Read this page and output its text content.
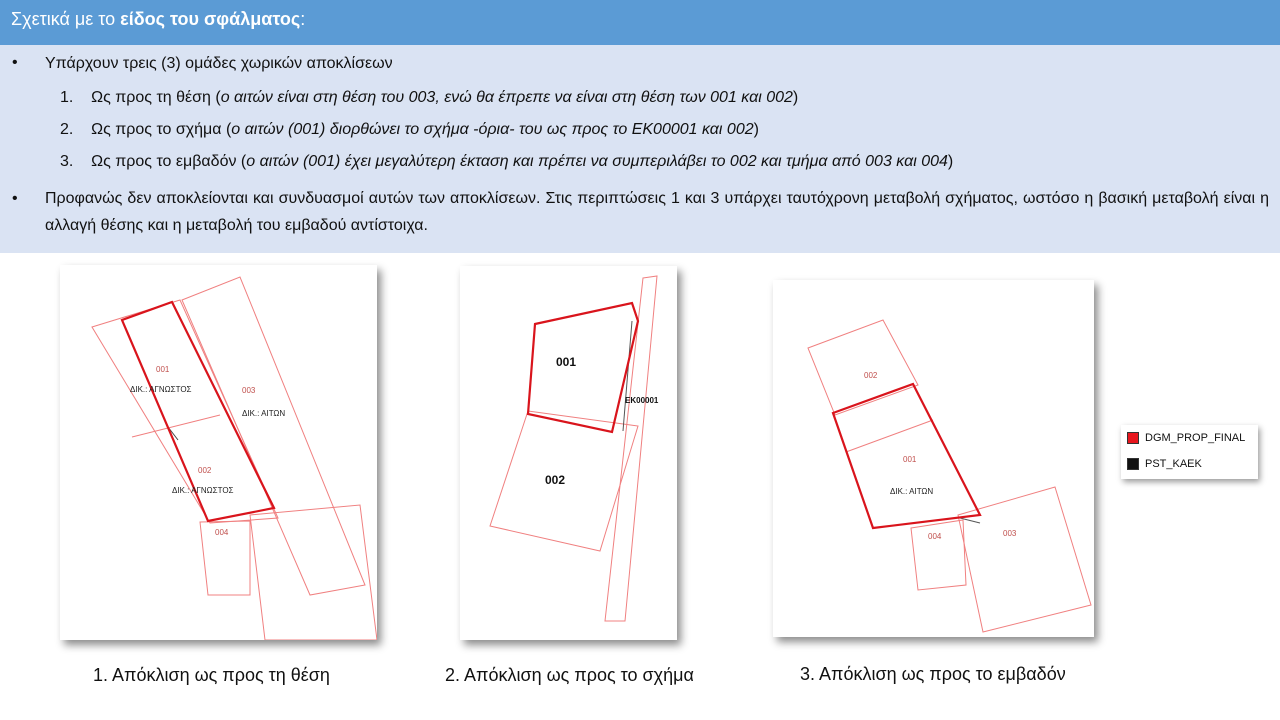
Σχετικά με το είδος του σφάλματος:
• Υπάρχουν τρεις (3) ομάδες χωρικών αποκλίσεων
1. Ως προς τη θέση (ο αιτών είναι στη θέση του 003, ενώ θα έπρεπε να είναι στη θέση των 001 και 002)
2. Ως προς το σχήμα (ο αιτών (001) διορθώνει το σχήμα -όρια- του ως προς το ΕΚ00001 και 002)
3. Ως προς το εμβαδόν (ο αιτών (001) έχει μεγαλύτερη έκταση και πρέπει να συμπεριλάβει το 002 και τμήμα από 003 και 004)
• Προφανώς δεν αποκλείονται και συνδυασμοί αυτών των αποκλίσεων. Στις περιπτώσεις 1 και 3 υπάρχει ταυτόχρονη μεταβολή σχήματος, ωστόσο η βασική μεταβολή είναι η αλλαγή θέσης και η μεταβολή του εμβαδού αντίστοιχα.
001
ΔΙΚ.: ΑΓΝΩΣΤΟΣ	003
ΔΙΚ.: ΑΙΤΩΝ
002
ΔΙΚ.: ΑΓΝΩΣΤΟΣ
004
001
EK00001
002
002
001
ΔΙΚ.: ΑΙΤΩΝ
004	003
DGM_PROP_FINAL
PST_KAEK
1. Απόκλιση ως προς τη θέση	2. Απόκλιση ως προς το σχήμα	3. Απόκλιση ως προς το εμβαδόν
